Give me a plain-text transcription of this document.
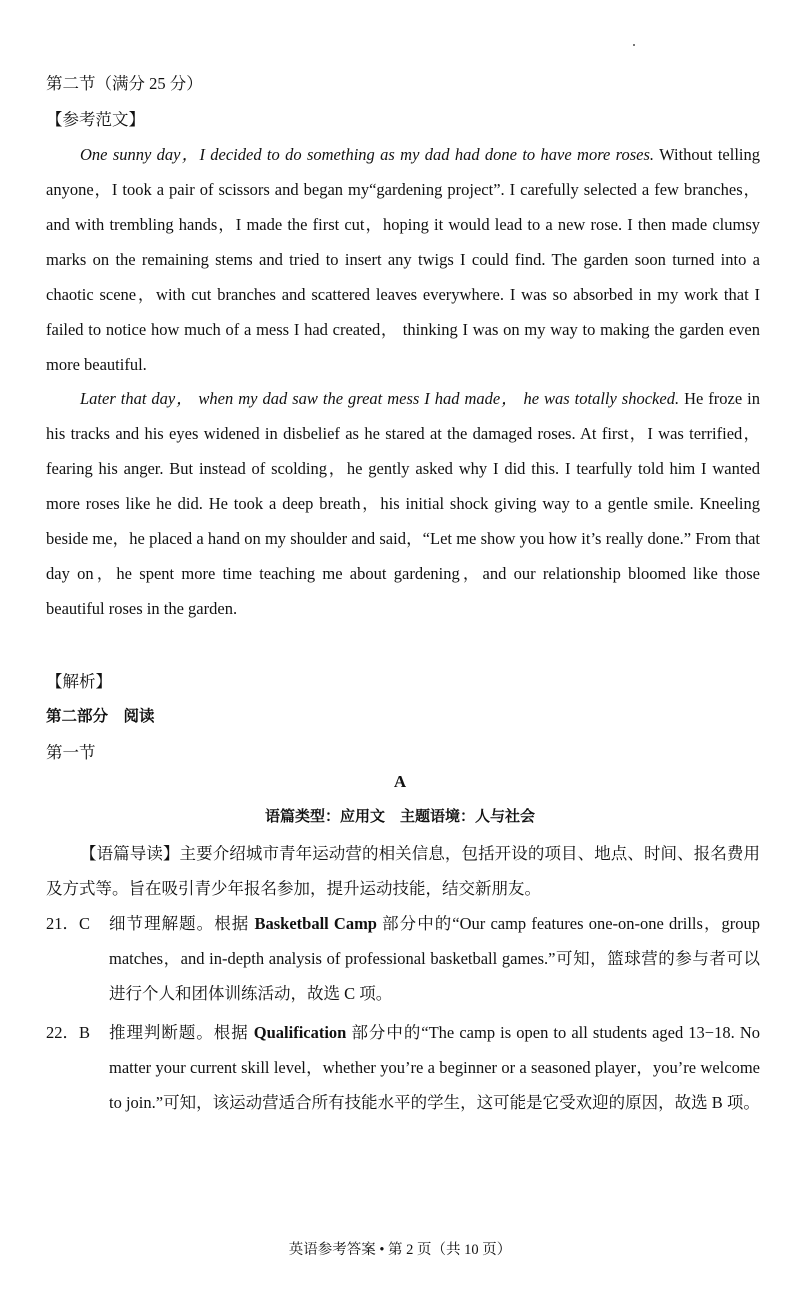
第二节（满分 25 分）
【参考范文】
One sunny day，I decided to do something as my dad had done to have more roses. Without telling anyone，I took a pair of scissors and began my“gardening project”. I carefully selected a few branches，and with trembling hands，I made the first cut，hoping it would lead to a new rose. I then made clumsy marks on the remaining stems and tried to insert any twigs I could find. The garden soon turned into a chaotic scene，with cut branches and scattered leaves everywhere. I was so absorbed in my work that I failed to notice how much of a mess I had created， thinking I was on my way to making the garden even more beautiful.
Later that day， when my dad saw the great mess I had made， he was totally shocked. He froze in his tracks and his eyes widened in disbelief as he stared at the damaged roses. At first，I was terrified，fearing his anger. But instead of scolding，he gently asked why I did this. I tearfully told him I wanted more roses like he did. He took a deep breath，his initial shock giving way to a gentle smile. Kneeling beside me，he placed a hand on my shoulder and said，“Let me show you how it’s really done.” From that day on，he spent more time teaching me about gardening，and our relationship bloomed like those beautiful roses in the garden.
【解析】
第二部分　阅读
第一节
A
语篇类型：应用文　主题语境：人与社会
【语篇导读】主要介绍城市青年运动营的相关信息，包括开设的项目、地点、时间、报名费用及方式等。旨在吸引青少年报名参加，提升运动技能，结交新朋友。
21．C	细节理解题。根据 Basketball Camp 部分中的“Our camp features one-on-one drills，group matches，and in-depth analysis of professional basketball games.”可知，篮球营的参与者可以进行个人和团体训练活动，故选 C 项。
22．B	推理判断题。根据 Qualification 部分中的“The camp is open to all students aged 13−18. No matter your current skill level，whether you’re a beginner or a seasoned player，you’re welcome to join.”可知，该运动营适合所有技能水平的学生，这可能是它受欢迎的原因，故选 B 项。
英语参考答案 • 第 2 页（共 10 页）
